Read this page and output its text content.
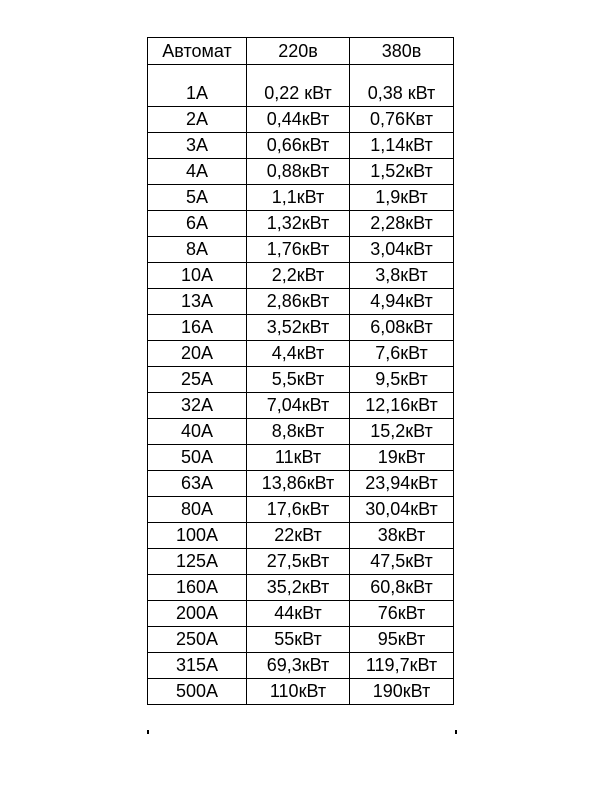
Автомат	220в	380в

1А	0,22 кВт	0,38 кВт
2А	0,44кВт	0,76Квт
3А	0,66кВт	1,14кВт
4А	0,88кВт	1,52кВт
5А	1,1кВт	1,9кВт
6А	1,32кВт	2,28кВт
8А	1,76кВт	3,04кВт
10А	2,2кВт	3,8кВт
13А	2,86кВт	4,94кВт
16А	3,52кВт	6,08кВт
20А	4,4кВт	7,6кВт
25А	5,5кВт	9,5кВт
32А	7,04кВт	12,16кВт
40А	8,8кВт	15,2кВт
50А	11кВт	19кВт
63А	13,86кВт	23,94кВт
80А	17,6кВт	30,04кВт
100А	22кВт	38кВт
125А	27,5кВт	47,5кВт
160А	35,2кВт	60,8кВт
200А	44кВт	76кВт
250А	55кВт	95кВт
315А	69,3кВт	119,7кВт
500А	110кВт	190кВт
